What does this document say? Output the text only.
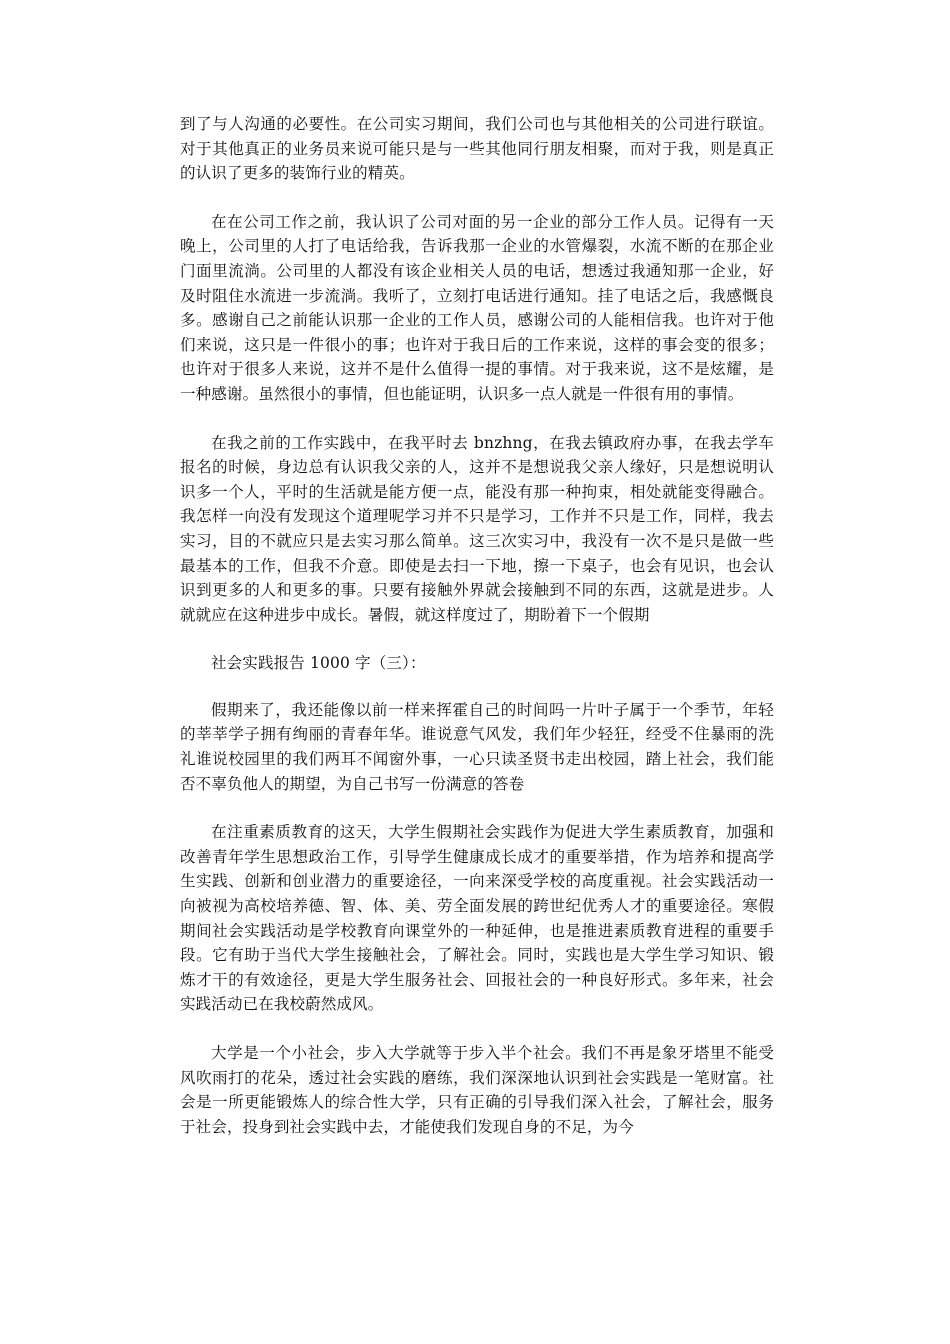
到了与人沟通的必要性。在公司实习期间，我们公司也与其他相关的公司进行联谊。对于其他真正的业务员来说可能只是与一些其他同行朋友相聚，而对于我，则是真正的认识了更多的装饰行业的精英。

在在公司工作之前，我认识了公司对面的另一企业的部分工作人员。记得有一天晚上，公司里的人打了电话给我，告诉我那一企业的水管爆裂，水流不断的在那企业门面里流淌。公司里的人都没有该企业相关人员的电话，想透过我通知那一企业，好及时阻住水流进一步流淌。我听了，立刻打电话进行通知。挂了电话之后，我感慨良多。感谢自己之前能认识那一企业的工作人员，感谢公司的人能相信我。也许对于他们来说，这只是一件很小的事；也许对于我日后的工作来说，这样的事会变的很多；也许对于很多人来说，这并不是什么值得一提的事情。对于我来说，这不是炫耀，是一种感谢。虽然很小的事情，但也能证明，认识多一点人就是一件很有用的事情。

在我之前的工作实践中，在我平时去 bnzhng，在我去镇政府办事，在我去学车报名的时候，身边总有认识我父亲的人，这并不是想说我父亲人缘好，只是想说明认识多一个人，平时的生活就是能方便一点，能没有那一种拘束，相处就能变得融合。我怎样一向没有发现这个道理呢学习并不只是学习，工作并不只是工作，同样，我去实习，目的不就应只是去实习那么简单。这三次实习中，我没有一次不是只是做一些最基本的工作，但我不介意。即使是去扫一下地，擦一下桌子，也会有见识，也会认识到更多的人和更多的事。只要有接触外界就会接触到不同的东西，这就是进步。人就就应在这种进步中成长。暑假，就这样度过了，期盼着下一个假期

社会实践报告 1000 字（三）：

假期来了，我还能像以前一样来挥霍自己的时间吗一片叶子属于一个季节，年轻的莘莘学子拥有绚丽的青春年华。谁说意气风发，我们年少轻狂，经受不住暴雨的洗礼谁说校园里的我们两耳不闻窗外事，一心只读圣贤书走出校园，踏上社会，我们能否不辜负他人的期望，为自己书写一份满意的答卷

在注重素质教育的这天，大学生假期社会实践作为促进大学生素质教育，加强和改善青年学生思想政治工作，引导学生健康成长成才的重要举措，作为培养和提高学生实践、创新和创业潜力的重要途径，一向来深受学校的高度重视。社会实践活动一向被视为高校培养德、智、体、美、劳全面发展的跨世纪优秀人才的重要途径。寒假期间社会实践活动是学校教育向课堂外的一种延伸，也是推进素质教育进程的重要手段。它有助于当代大学生接触社会，了解社会。同时，实践也是大学生学习知识、锻炼才干的有效途径，更是大学生服务社会、回报社会的一种良好形式。多年来，社会实践活动已在我校蔚然成风。

大学是一个小社会，步入大学就等于步入半个社会。我们不再是象牙塔里不能受风吹雨打的花朵，透过社会实践的磨练，我们深深地认识到社会实践是一笔财富。社会是一所更能锻炼人的综合性大学，只有正确的引导我们深入社会，了解社会，服务于社会，投身到社会实践中去，才能使我们发现自身的不足，为今
